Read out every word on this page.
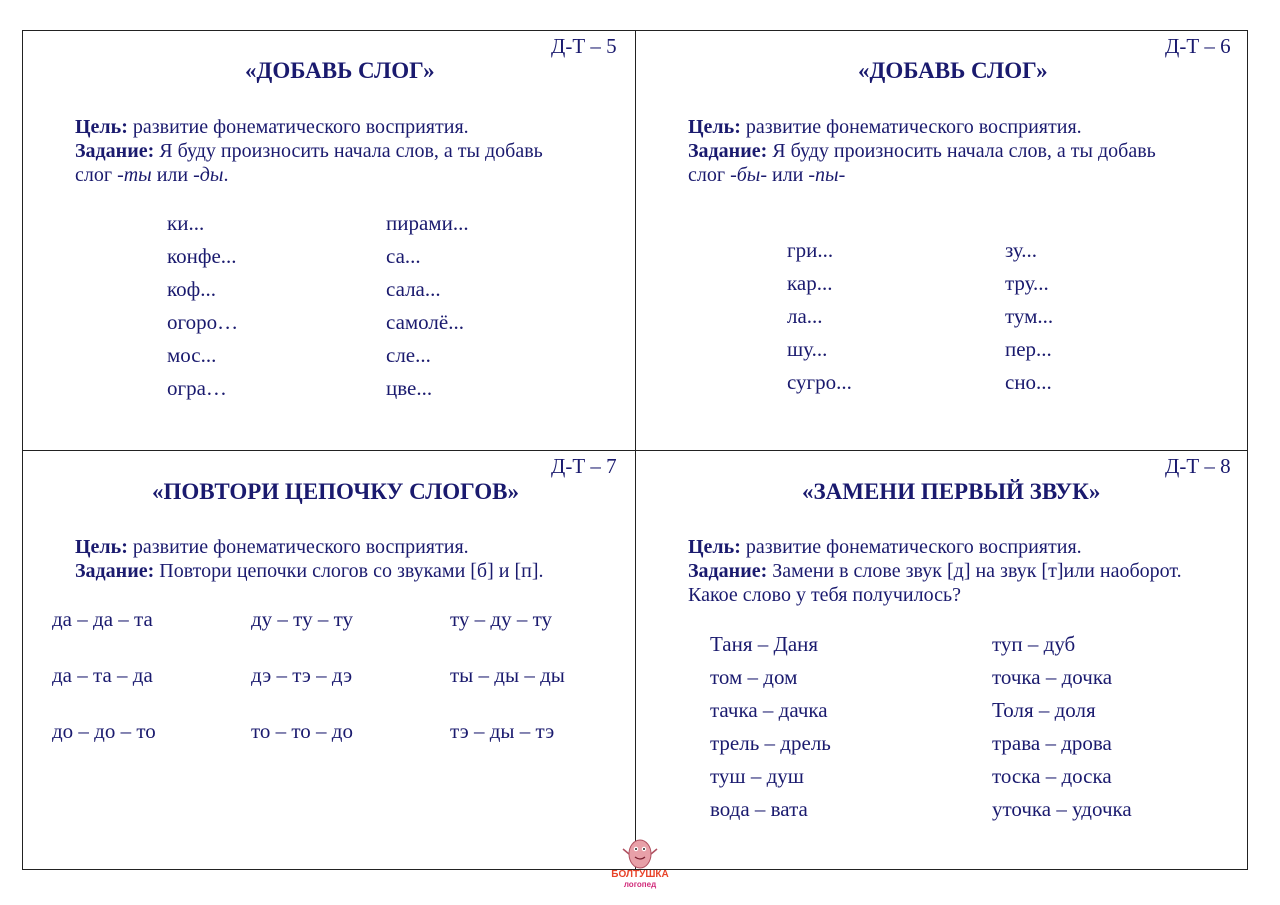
Д-Т – 5
«ДОБАВЬ СЛОГ»
Цель: развитие фонематического восприятия.
Задание: Я буду произносить начала слов, а ты добавь
слог -ты или -ды.
ки...
конфе...
коф...
огоро…
мос...
огра…
пирами...
са...
сала...
самолё...
сле...
цве...
Д-Т – 6
«ДОБАВЬ СЛОГ»
Цель: развитие фонематического восприятия.
Задание: Я буду произносить начала слов, а ты добавь
слог -бы- или -пы-
гри...
кар...
ла...
шу...
сугро...
зу...
тру...
тум...
пер...
сно...
Д-Т – 7
«ПОВТОРИ ЦЕПОЧКУ СЛОГОВ»
Цель: развитие фонематического восприятия.
Задание: Повтори цепочки слогов со звуками [б] и [п].
да – да – та
да – та – да
до – до – то
ду – ту – ту
дэ – тэ – дэ
то – то – до
ту – ду – ту
ты – ды – ды
тэ – ды – тэ
Д-Т – 8
«ЗАМЕНИ ПЕРВЫЙ ЗВУК»
Цель: развитие фонематического восприятия.
Задание: Замени в слове звук [д] на звук [т]или наоборот.
Какое слово у тебя получилось?
Таня – Даня
том – дом
тачка – дачка
трель – дрель
туш – душ
вода – вата
туп – дуб
точка – дочка
Толя – доля
трава – дрова
тоска – доска
уточка – удочка
БОЛТУШКА
логопед
